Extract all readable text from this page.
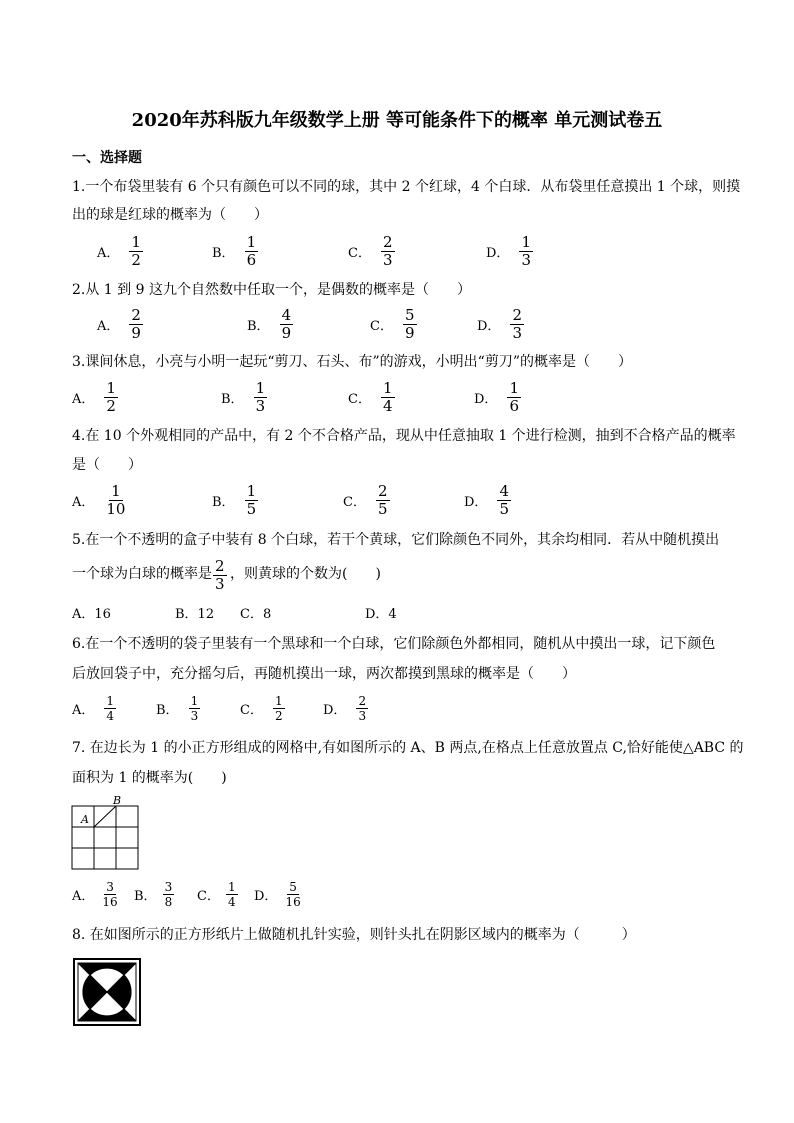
2020年苏科版九年级数学上册 等可能条件下的概率 单元测试卷五
一、选择题
1.一个布袋里装有 6 个只有颜色可以不同的球，其中 2 个红球，4 个白球．从布袋里任意摸出 1 个球，则摸
出的球是红球的概率为（　　）
A． $\frac{1}{2}$	B． $\frac{1}{6}$	C． $\frac{2}{3}$	D． $\frac{1}{3}$
2.从 1 到 9 这九个自然数中任取一个，是偶数的概率是（　　）
A． $\frac{2}{9}$	B． $\frac{4}{9}$	C． $\frac{5}{9}$	D． $\frac{2}{3}$
3.课间休息，小亮与小明一起玩“剪刀、石头、布”的游戏，小明出“剪刀”的概率是（　　）
A． $\frac{1}{2}$	B． $\frac{1}{3}$	C． $\frac{1}{4}$	D． $\frac{1}{6}$
4.在 10 个外观相同的产品中，有 2 个不合格产品，现从中任意抽取 1 个进行检测，抽到不合格产品的概率
是（　　）
A． $\frac{1}{10}$	B． $\frac{1}{5}$	C． $\frac{2}{5}$	D． $\frac{4}{5}$
5.在一个不透明的盒子中装有 8 个白球，若干个黄球，它们除颜色不同外，其余均相同．若从中随机摸出
一个球为白球的概率是 $\frac{2}{3}$ ，则黄球的个数为(　　)
A．16	B．12 C．8	D．4
6.在一个不透明的袋子里装有一个黑球和一个白球，它们除颜色外都相同，随机从中摸出一球，记下颜色
后放回袋子中，充分摇匀后，再随机摸出一球，两次都摸到黑球的概率是（　　）
A． $\frac{1}{4}$	B． $\frac{1}{3}$	C． $\frac{1}{2}$	D． $\frac{2}{3}$
7. 在边长为 1 的小正方形组成的网格中,有如图所示的 A、B 两点,在格点上任意放置点 C,恰好能使△ABC 的
面积为 1 的概率为(　　)
B
A
A． $\frac{3}{16}$ B． $\frac{3}{8}$ C． $\frac{1}{4}$ D． $\frac{5}{16}$
8. 在如图所示的正方形纸片上做随机扎针实验，则针头扎在阴影区域内的概率为（　　　）
